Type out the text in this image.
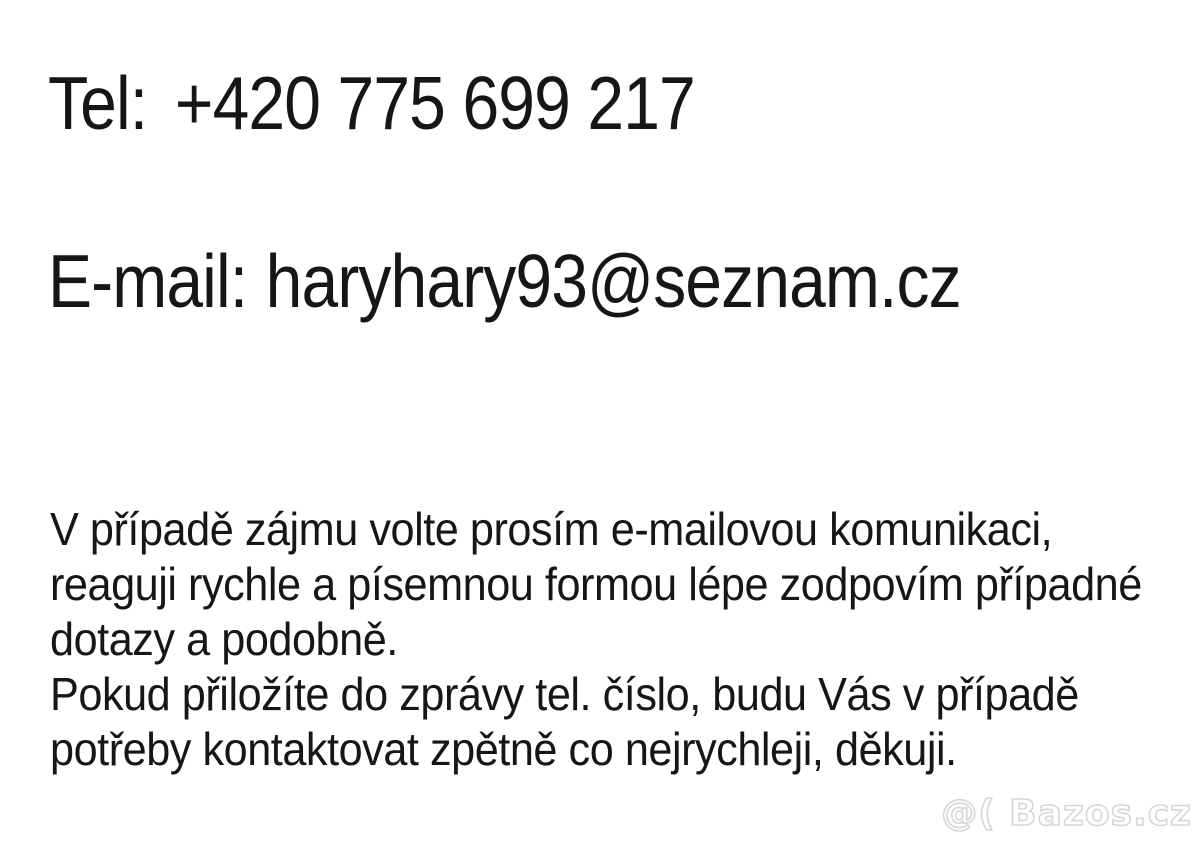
Tel: +420 775 699 217
E-mail: haryhary93@seznam.cz
V případě zájmu volte prosím e-mailovou komunikaci,
reaguji rychle a písemnou formou lépe zodpovím případné
dotazy a podobně.
Pokud přiložíte do zprávy tel. číslo, budu Vás v případě
potřeby kontaktovat zpětně co nejrychleji, děkuji.
@( Bazos.cz
